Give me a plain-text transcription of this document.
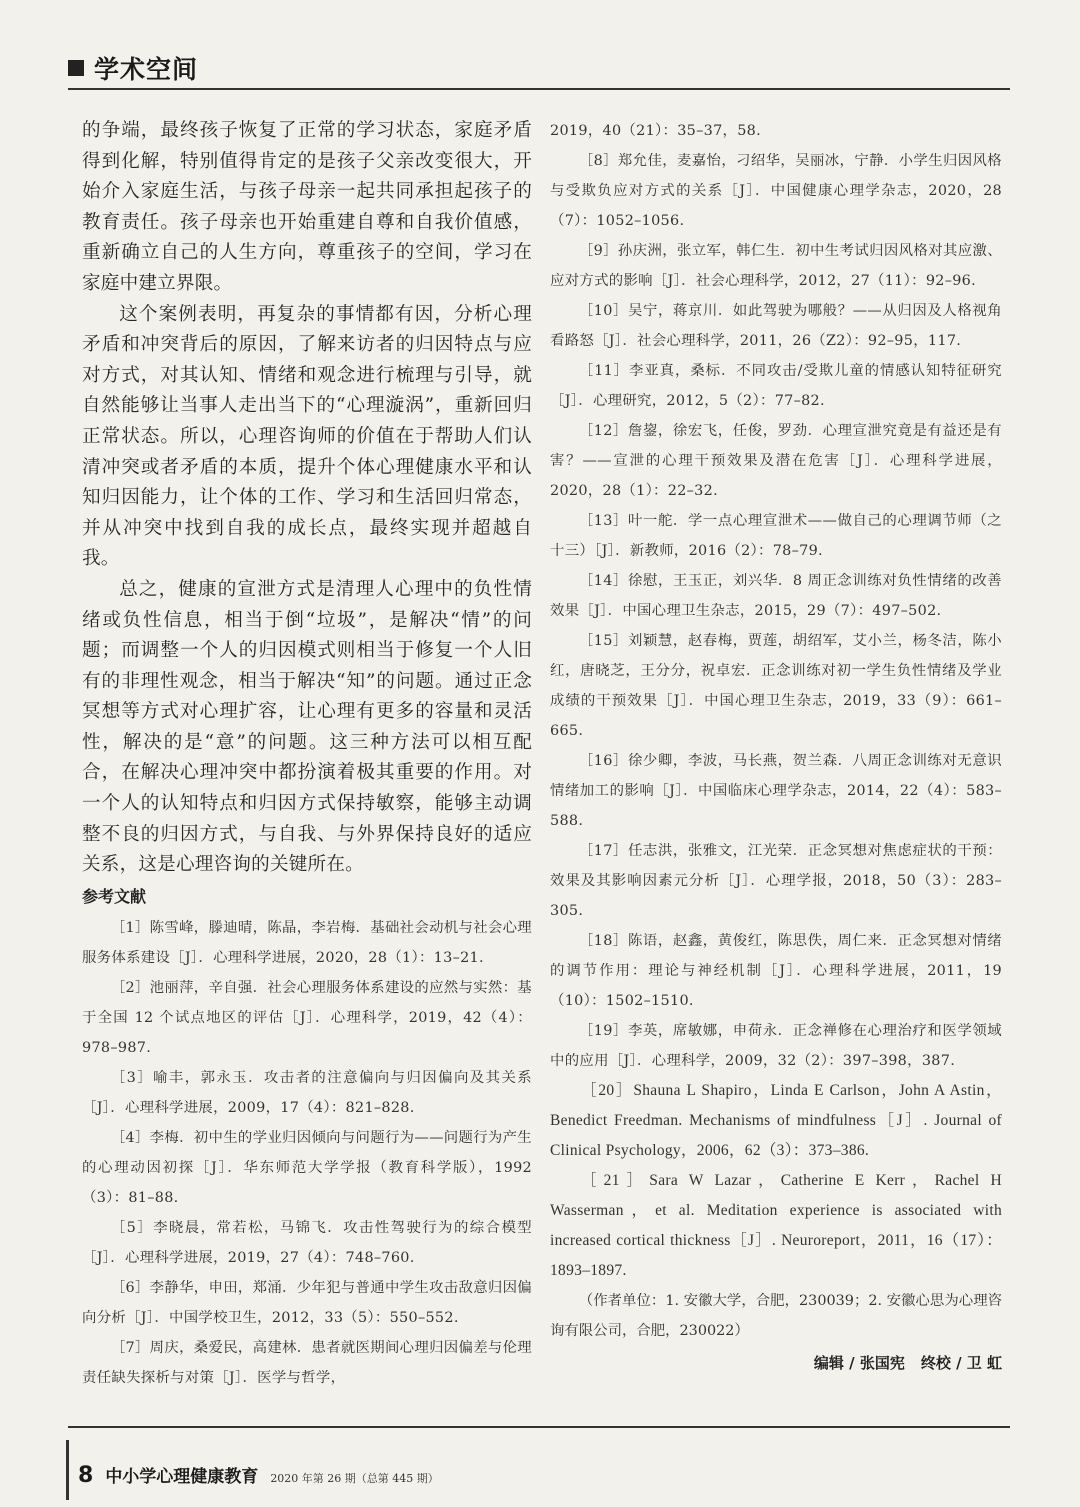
学术空间

的争端，最终孩子恢复了正常的学习状态，家庭矛盾得到化解，特别值得肯定的是孩子父亲改变很大，开始介入家庭生活，与孩子母亲一起共同承担起孩子的教育责任。孩子母亲也开始重建自尊和自我价值感，重新确立自己的人生方向，尊重孩子的空间，学习在家庭中建立界限。

这个案例表明，再复杂的事情都有因，分析心理矛盾和冲突背后的原因，了解来访者的归因特点与应对方式，对其认知、情绪和观念进行梳理与引导，就自然能够让当事人走出当下的“心理漩涡”，重新回归正常状态。所以，心理咨询师的价值在于帮助人们认清冲突或者矛盾的本质，提升个体心理健康水平和认知归因能力，让个体的工作、学习和生活回归常态，并从冲突中找到自我的成长点，最终实现并超越自我。

总之，健康的宣泄方式是清理人心理中的负性情绪或负性信息，相当于倒“垃圾”，是解决“情”的问题；而调整一个人的归因模式则相当于修复一个人旧有的非理性观念，相当于解决“知”的问题。通过正念冥想等方式对心理扩容，让心理有更多的容量和灵活性，解决的是“意”的问题。这三种方法可以相互配合，在解决心理冲突中都扮演着极其重要的作用。对一个人的认知特点和归因方式保持敏察，能够主动调整不良的归因方式，与自我、与外界保持良好的适应关系，这是心理咨询的关键所在。

参考文献

［1］陈雪峰，滕迪晴，陈晶，李岩梅．基础社会动机与社会心理服务体系建设［J］．心理科学进展，2020，28（1）：13–21.

［2］池丽萍，辛自强．社会心理服务体系建设的应然与实然：基于全国 12 个试点地区的评估［J］．心理科学，2019，42（4）：978–987.

［3］喻丰，郭永玉．攻击者的注意偏向与归因偏向及其关系［J］．心理科学进展，2009，17（4）：821–828.

［4］李梅．初中生的学业归因倾向与问题行为——问题行为产生的心理动因初探［J］．华东师范大学学报（教育科学版），1992（3）：81–88.

［5］李晓晨，常若松，马锦飞．攻击性驾驶行为的综合模型［J］．心理科学进展，2019，27（4）：748–760.

［6］李静华，申田，郑涌．少年犯与普通中学生攻击敌意归因偏向分析［J］．中国学校卫生，2012，33（5）：550–552.

［7］周庆，桑爱民，高建林．患者就医期间心理归因偏差与伦理责任缺失探析与对策［J］．医学与哲学，

2019，40（21）：35–37，58.

［8］郑允佳，麦嘉怡，刁绍华，吴丽冰，宁静．小学生归因风格与受欺负应对方式的关系［J］．中国健康心理学杂志，2020，28（7）：1052–1056.

［9］孙庆洲，张立军，韩仁生．初中生考试归因风格对其应激、应对方式的影响［J］．社会心理科学，2012，27（11）：92–96.

［10］吴宁，蒋京川．如此驾驶为哪般？——从归因及人格视角看路怒［J］．社会心理科学，2011，26（Z2）：92–95，117.

［11］李亚真，桑标．不同攻击/受欺儿童的情感认知特征研究［J］．心理研究，2012，5（2）：77–82.

［12］詹鋆，徐宏飞，任俊，罗劲．心理宣泄究竟是有益还是有害？——宣泄的心理干预效果及潜在危害［J］．心理科学进展，2020，28（1）：22–32.

［13］叶一舵．学一点心理宣泄术——做自己的心理调节师（之十三）［J］．新教师，2016（2）：78–79.

［14］徐慰，王玉正，刘兴华．8 周正念训练对负性情绪的改善效果［J］．中国心理卫生杂志，2015，29（7）：497–502.

［15］刘颖慧，赵春梅，贾莲，胡绍军，艾小兰，杨冬洁，陈小红，唐晓芝，王分分，祝卓宏．正念训练对初一学生负性情绪及学业成绩的干预效果［J］．中国心理卫生杂志，2019，33（9）：661–665.

［16］徐少卿，李波，马长燕，贺兰森．八周正念训练对无意识情绪加工的影响［J］．中国临床心理学杂志，2014，22（4）：583–588.

［17］任志洪，张雅文，江光荣．正念冥想对焦虑症状的干预：效果及其影响因素元分析［J］．心理学报，2018，50（3）：283–305.

［18］陈语，赵鑫，黄俊红，陈思佚，周仁来．正念冥想对情绪的调节作用：理论与神经机制［J］．心理科学进展，2011，19（10）：1502–1510.

［19］李英，席敏娜，申荷永．正念禅修在心理治疗和医学领域中的应用［J］．心理科学，2009，32（2）：397–398，387.

［20］Shauna L Shapiro，Linda E Carlson，John A Astin，Benedict Freedman. Mechanisms of mindfulness［J］. Journal of Clinical Psychology，2006，62（3）：373–386.

［21］Sara W Lazar，Catherine E Kerr，Rachel H Wasserman，et al. Meditation experience is associated with increased cortical thickness［J］. Neuroreport，2011，16（17）：1893–1897.

（作者单位：1. 安徽大学，合肥，230039；2. 安徽心思为心理咨询有限公司，合肥，230022）

编辑 / 张国宪 终校 / 卫 虹
8 中小学心理健康教育 2020 年第 26 期（总第 445 期）
